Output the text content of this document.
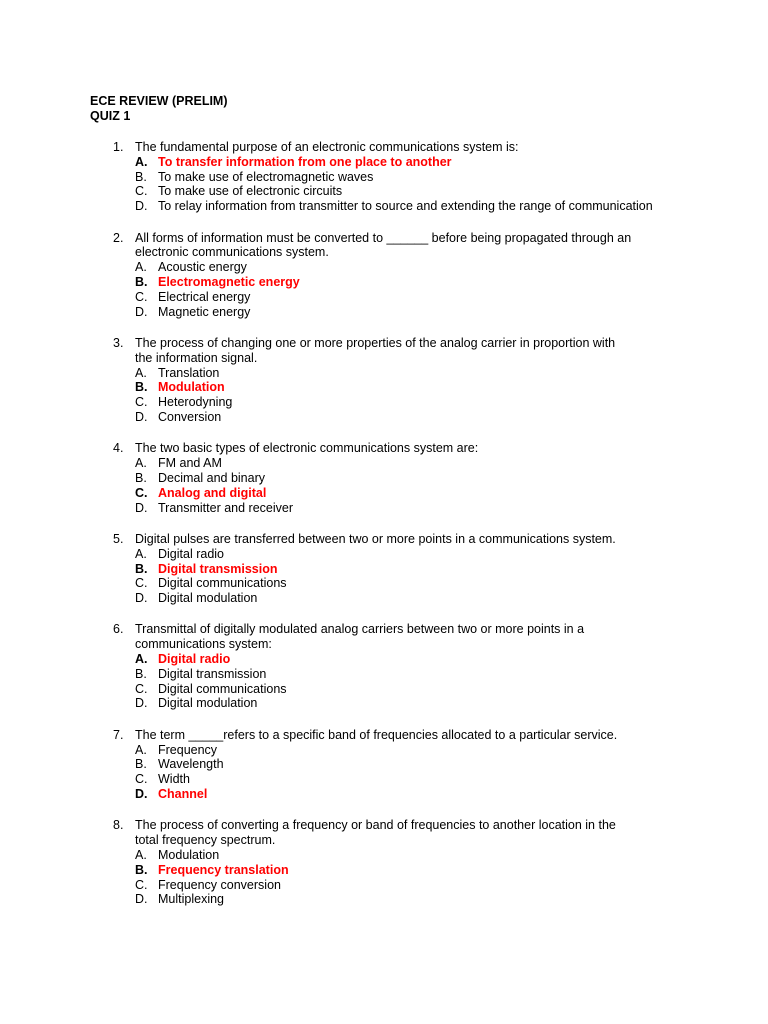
ECE REVIEW (PRELIM)
QUIZ 1
1. The fundamental purpose of an electronic communications system is:
A. To transfer information from one place to another
B. To make use of electromagnetic waves
C. To make use of electronic circuits
D. To relay information from transmitter to source and extending the range of communication
2. All forms of information must be converted to ______ before being propagated through an electronic communications system.
A. Acoustic energy
B. Electromagnetic energy
C. Electrical energy
D. Magnetic energy
3. The process of changing one or more properties of the analog carrier in proportion with the information signal.
A. Translation
B. Modulation
C. Heterodyning
D. Conversion
4. The two basic types of electronic communications system are:
A. FM and AM
B. Decimal and binary
C. Analog and digital
D. Transmitter and receiver
5. Digital pulses are transferred between two or more points in a communications system.
A. Digital radio
B. Digital transmission
C. Digital communications
D. Digital modulation
6. Transmittal of digitally modulated analog carriers between two or more points in a communications system:
A. Digital radio
B. Digital transmission
C. Digital communications
D. Digital modulation
7. The term _____refers to a specific band of frequencies allocated to a particular service.
A. Frequency
B. Wavelength
C. Width
D. Channel
8. The process of converting a frequency or band of frequencies to another location in the total frequency spectrum.
A. Modulation
B. Frequency translation
C. Frequency conversion
D. Multiplexing
